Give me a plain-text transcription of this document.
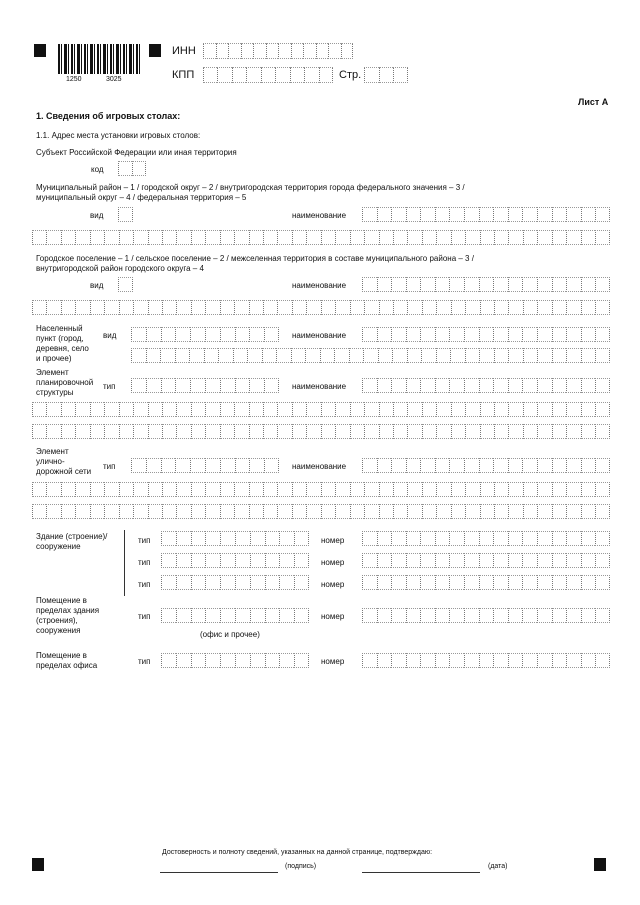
1250	3025
ИНН
КПП	Стр.
Лист А
1. Сведения об игровых столах:
1.1. Адрес места установки игровых столов:
Субъект Российской Федерации или иная территория
код
Муниципальный район – 1 / городской округ – 2 / внутригородская территория города федерального значения – 3 /
муниципальный округ – 4 / федеральная территория – 5
вид	наименование
Городское поселение – 1 / сельское поселение – 2 / межселенная территория в составе муниципального района – 3 /
внутригородской район городского округа – 4
вид	наименование
Населенный
пункт (город,
деревня, село
и прочее)
вид	наименование
Элемент
планировочной
структуры
тип	наименование
Элемент
улично-
дорожной сети
тип	наименование
Здание (строение)/
сооружение
тип	номер
тип	номер
тип	номер
Помещение в
пределах здания
(строения),
сооружения
тип	номер
(офис и прочее)
Помещение в
пределах офиса	тип	номер
Достоверность и полноту сведений, указанных на данной странице, подтверждаю:
(подпись)	(дата)
